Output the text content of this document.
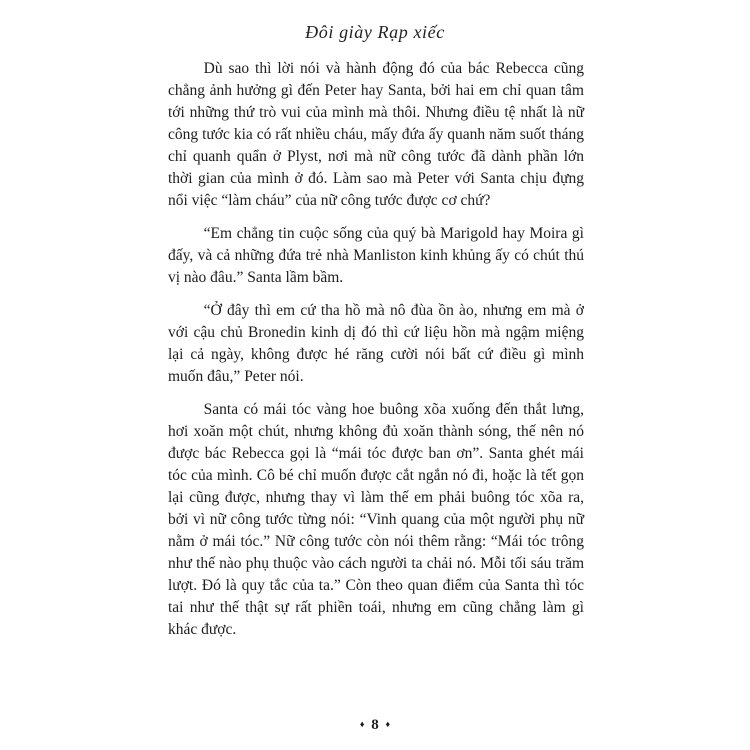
Đôi giày Rạp xiếc

Dù sao thì lời nói và hành động đó của bác Rebecca cũng chẳng ảnh hưởng gì đến Peter hay Santa, bởi hai em chỉ quan tâm tới những thứ trò vui của mình mà thôi. Nhưng điều tệ nhất là nữ công tước kia có rất nhiều cháu, mấy đứa ấy quanh năm suốt tháng chỉ quanh quẩn ở Plyst, nơi mà nữ công tước đã dành phần lớn thời gian của mình ở đó. Làm sao mà Peter với Santa chịu đựng nổi việc “làm cháu” của nữ công tước được cơ chứ?

“Em chẳng tin cuộc sống của quý bà Marigold hay Moira gì đấy, và cả những đứa trẻ nhà Manliston kinh khủng ấy có chút thú vị nào đâu.” Santa lầm bầm.

“Ở đây thì em cứ tha hồ mà nô đùa ồn ào, nhưng em mà ở với cậu chủ Bronedin kinh dị đó thì cứ liệu hồn mà ngậm miệng lại cả ngày, không được hé răng cười nói bất cứ điều gì mình muốn đâu,” Peter nói.

Santa có mái tóc vàng hoe buông xõa xuống đến thắt lưng, hơi xoăn một chút, nhưng không đủ xoăn thành sóng, thế nên nó được bác Rebecca gọi là “mái tóc được ban ơn”. Santa ghét mái tóc của mình. Cô bé chỉ muốn được cắt ngắn nó đi, hoặc là tết gọn lại cũng được, nhưng thay vì làm thế em phải buông tóc xõa ra, bởi vì nữ công tước từng nói: “Vinh quang của một người phụ nữ nằm ở mái tóc.” Nữ công tước còn nói thêm rằng: “Mái tóc trông như thế nào phụ thuộc vào cách người ta chải nó. Mỗi tối sáu trăm lượt. Đó là quy tắc của ta.” Còn theo quan điểm của Santa thì tóc tai như thế thật sự rất phiền toái, nhưng em cũng chẳng làm gì khác được.

♦ 8 ♦
